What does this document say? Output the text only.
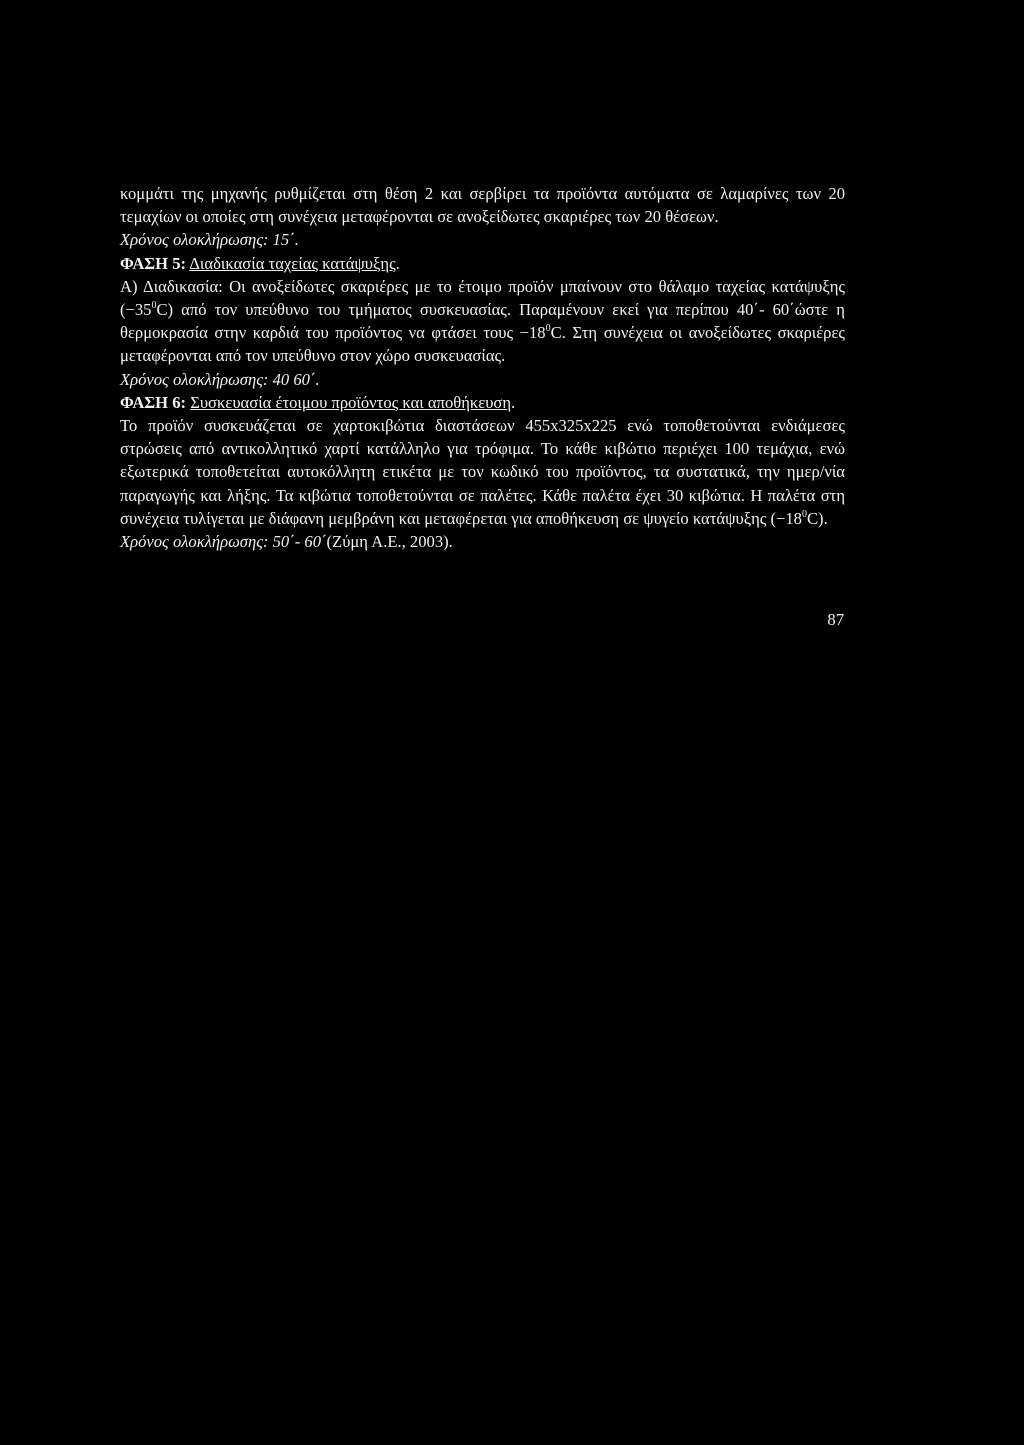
κομμάτι της μηχανής ρυθμίζεται στη θέση 2 και σερβίρει τα προϊόντα αυτόματα σε λαμαρίνες των 20 τεμαχίων οι οποίες στη συνέχεια μεταφέρονται σε ανοξείδωτες σκαριέρες των 20 θέσεων.

Χρόνος ολοκλήρωσης: 15΄.

ΦΑΣΗ 5: Διαδικασία ταχείας κατάψυξης.

Α) Διαδικασία: Οι ανοξείδωτες σκαριέρες με το έτοιμο προϊόν μπαίνουν στο θάλαμο ταχείας κατάψυξης $(-35^0C)$ από τον υπεύθυνο του τμήματος συσκευασίας. Παραμένουν εκεί για περίπου 40΄- 60΄ώστε η θερμοκρασία στην καρδιά του προϊόντος να φτάσει $\tau o\upsilon\varsigma -18^0C$. Στη συνέχεια οι ανοξείδωτες σκαριέρες μεταφέρονται από τον υπεύθυνο στον χώρο συσκευασίας.

Χρόνος ολοκλήρωσης: 40 60΄.

ΦΑΣΗ 6: Συσκευασία έτοιμου προϊόντος και αποθήκευση.

Το προϊόν συσκευάζεται σε χαρτοκιβώτια διαστάσεων 455x325x225 ενώ τοποθετούνται ενδιάμεσες στρώσεις από αντικολλητικό χαρτί κατάλληλο για τρόφιμα. Το κάθε κιβώτιο περιέχει 100 τεμάχια, ενώ εξωτερικά τοποθετείται αυτοκόλλητη ετικέτα με τον κωδικό του προϊόντος, τα συστατικά, την ημερ/νία παραγωγής και λήξης. Τα κιβώτια τοποθετούνται σε παλέτες. Κάθε παλέτα έχει 30 κιβώτια. Η παλέτα στη συνέχεια τυλίγεται με διάφανη μεμβράνη και μεταφέρεται για αποθήκευση σε ψυγείο κατάψυξης $(-18^0C)$.

Χρόνος ολοκλήρωσης: 50΄- 60΄(Ζύμη Α.Ε., 2003).

87
